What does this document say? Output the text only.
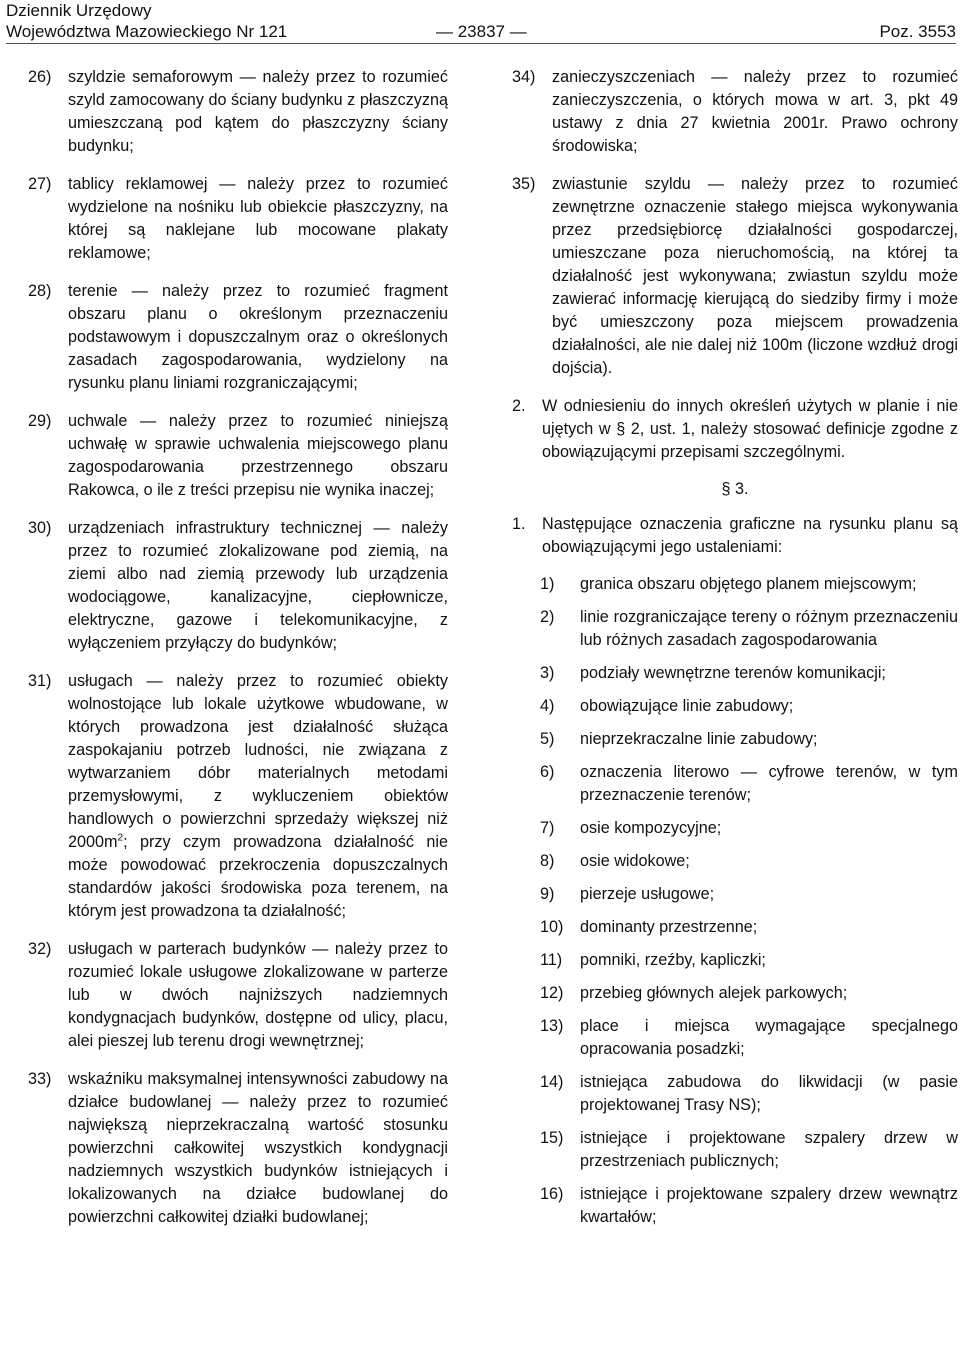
Dziennik Urzędowy
Województwa Mazowieckiego Nr 121	— 23837 —	Poz. 3553
26) szyldzie semaforowym — należy przez to rozumieć szyld zamocowany do ściany budynku z płaszczyzną umieszczaną pod kątem do płaszczyzny ściany budynku;
27) tablicy reklamowej — należy przez to rozumieć wydzielone na nośniku lub obiekcie płaszczyzny, na której są naklejane lub mocowane plakaty reklamowe;
28) terenie — należy przez to rozumieć fragment obszaru planu o określonym przeznaczeniu podstawowym i dopuszczalnym oraz o określonych zasadach zagospodarowania, wydzielony na rysunku planu liniami rozgraniczającymi;
29) uchwale — należy przez to rozumieć niniejszą uchwałę w sprawie uchwalenia miejscowego planu zagospodarowania przestrzennego obszaru Rakowca, o ile z treści przepisu nie wynika inaczej;
30) urządzeniach infrastruktury technicznej — należy przez to rozumieć zlokalizowane pod ziemią, na ziemi albo nad ziemią przewody lub urządzenia wodociągowe, kanalizacyjne, ciepłownicze, elektryczne, gazowe i telekomunikacyjne, z wyłączeniem przyłączy do budynków;
31) usługach — należy przez to rozumieć obiekty wolnostojące lub lokale użytkowe wbudowane, w których prowadzona jest działalność służąca zaspokajaniu potrzeb ludności, nie związana z wytwarzaniem dóbr materialnych metodami przemysłowymi, z wykluczeniem obiektów handlowych o powierzchni sprzedaży większej niż $2000m^2$; przy czym prowadzona działalność nie może powodować przekroczenia dopuszczalnych standardów jakości środowiska poza terenem, na którym jest prowadzona ta działalność;
32) usługach w parterach budynków — należy przez to rozumieć lokale usługowe zlokalizowane w parterze lub w dwóch najniższych nadziemnych kondygnacjach budynków, dostępne od ulicy, placu, alei pieszej lub terenu drogi wewnętrznej;
33) wskaźniku maksymalnej intensywności zabudowy na działce budowlanej — należy przez to rozumieć największą nieprzekraczalną wartość stosunku powierzchni całkowitej wszystkich kondygnacji nadziemnych wszystkich budynków istniejących i lokalizowanych na działce budowlanej do powierzchni całkowitej działki budowlanej;
34) zanieczyszczeniach — należy przez to rozumieć zanieczyszczenia, o których mowa w art. 3, pkt 49 ustawy z dnia 27 kwietnia 2001r. Prawo ochrony środowiska;
35) zwiastunie szyldu — należy przez to rozumieć zewnętrzne oznaczenie stałego miejsca wykonywania przez przedsiębiorcę działalności gospodarczej, umieszczane poza nieruchomością, na której ta działalność jest wykonywana; zwiastun szyldu może zawierać informację kierującą do siedziby firmy i może być umieszczony poza miejscem prowadzenia działalności, ale nie dalej niż 100m (liczone wzdłuż drogi dojścia).
2. W odniesieniu do innych określeń użytych w planie i nie ujętych w § 2, ust. 1, należy stosować definicje zgodne z obowiązującymi przepisami szczególnymi.
§ 3.
1. Następujące oznaczenia graficzne na rysunku planu są obowiązującymi jego ustaleniami:
1) granica obszaru objętego planem miejscowym;
2) linie rozgraniczające tereny o różnym przeznaczeniu lub różnych zasadach zagospodarowania
3) podziały wewnętrzne terenów komunikacji;
4) obowiązujące linie zabudowy;
5) nieprzekraczalne linie zabudowy;
6) oznaczenia literowo — cyfrowe terenów, w tym przeznaczenie terenów;
7) osie kompozycyjne;
8) osie widokowe;
9) pierzeje usługowe;
10) dominanty przestrzenne;
11) pomniki, rzeźby, kapliczki;
12) przebieg głównych alejek parkowych;
13) place i miejsca wymagające specjalnego opracowania posadzki;
14) istniejąca zabudowa do likwidacji (w pasie projektowanej Trasy NS);
15) istniejące i projektowane szpalery drzew w przestrzeniach publicznych;
16) istniejące i projektowane szpalery drzew wewnątrz kwartałów;
